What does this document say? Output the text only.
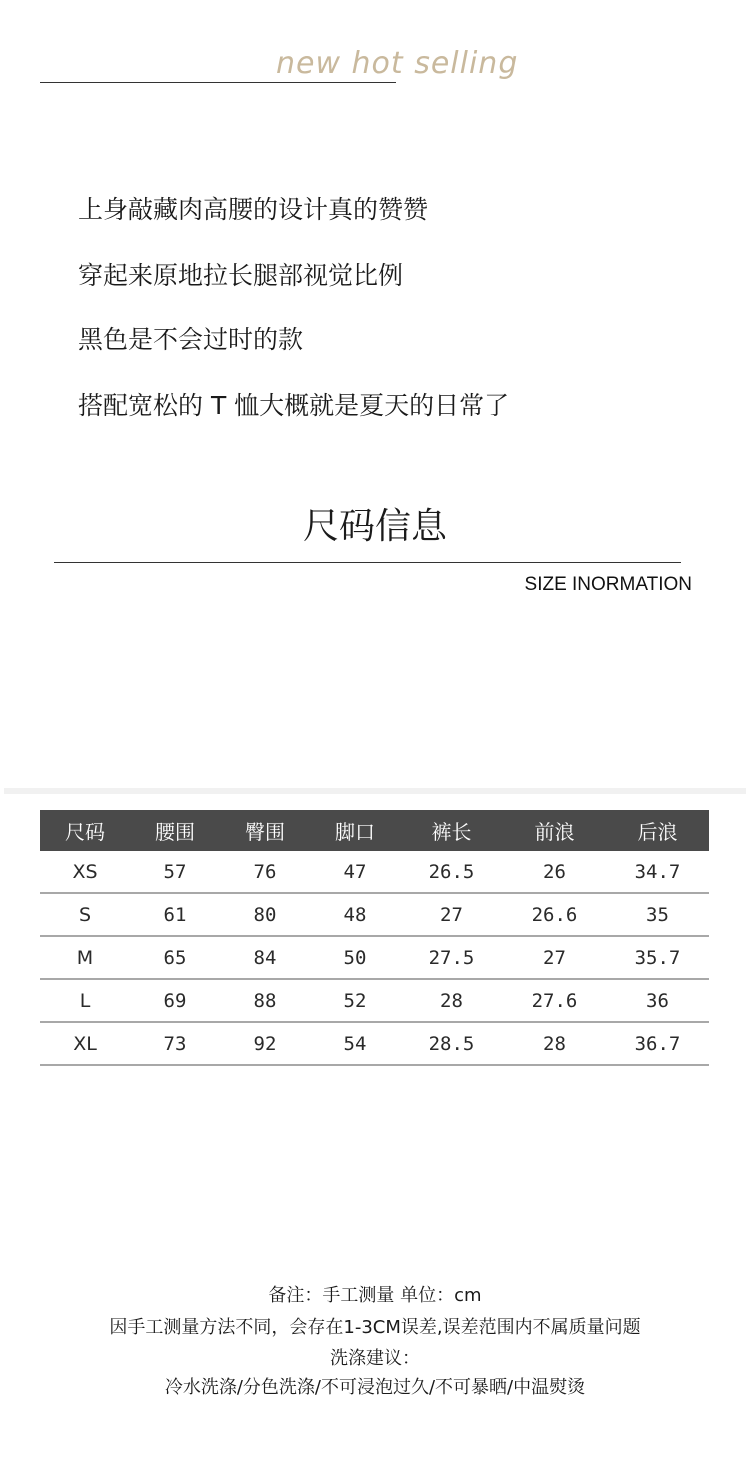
new hot selling
上身敲藏肉高腰的设计真的赞赞
穿起来原地拉长腿部视觉比例
黑色是不会过时的款
搭配宽松的 T 恤大概就是夏天的日常了
尺码信息
SIZE INORMATION
尺码	腰围	臀围	脚口	裤长	前浪	后浪
XS	57	76	47	26.5	26	34.7
S	61	80	48	27	26.6	35
M	65	84	50	27.5	27	35.7
L	69	88	52	28	27.6	36
XL	73	92	54	28.5	28	36.7
备注：手工测量 单位：cm
因手工测量方法不同，会存在1-3CM误差,误差范围内不属质量问题
洗涤建议：
冷水洗涤/分色洗涤/不可浸泡过久/不可暴晒/中温熨烫
